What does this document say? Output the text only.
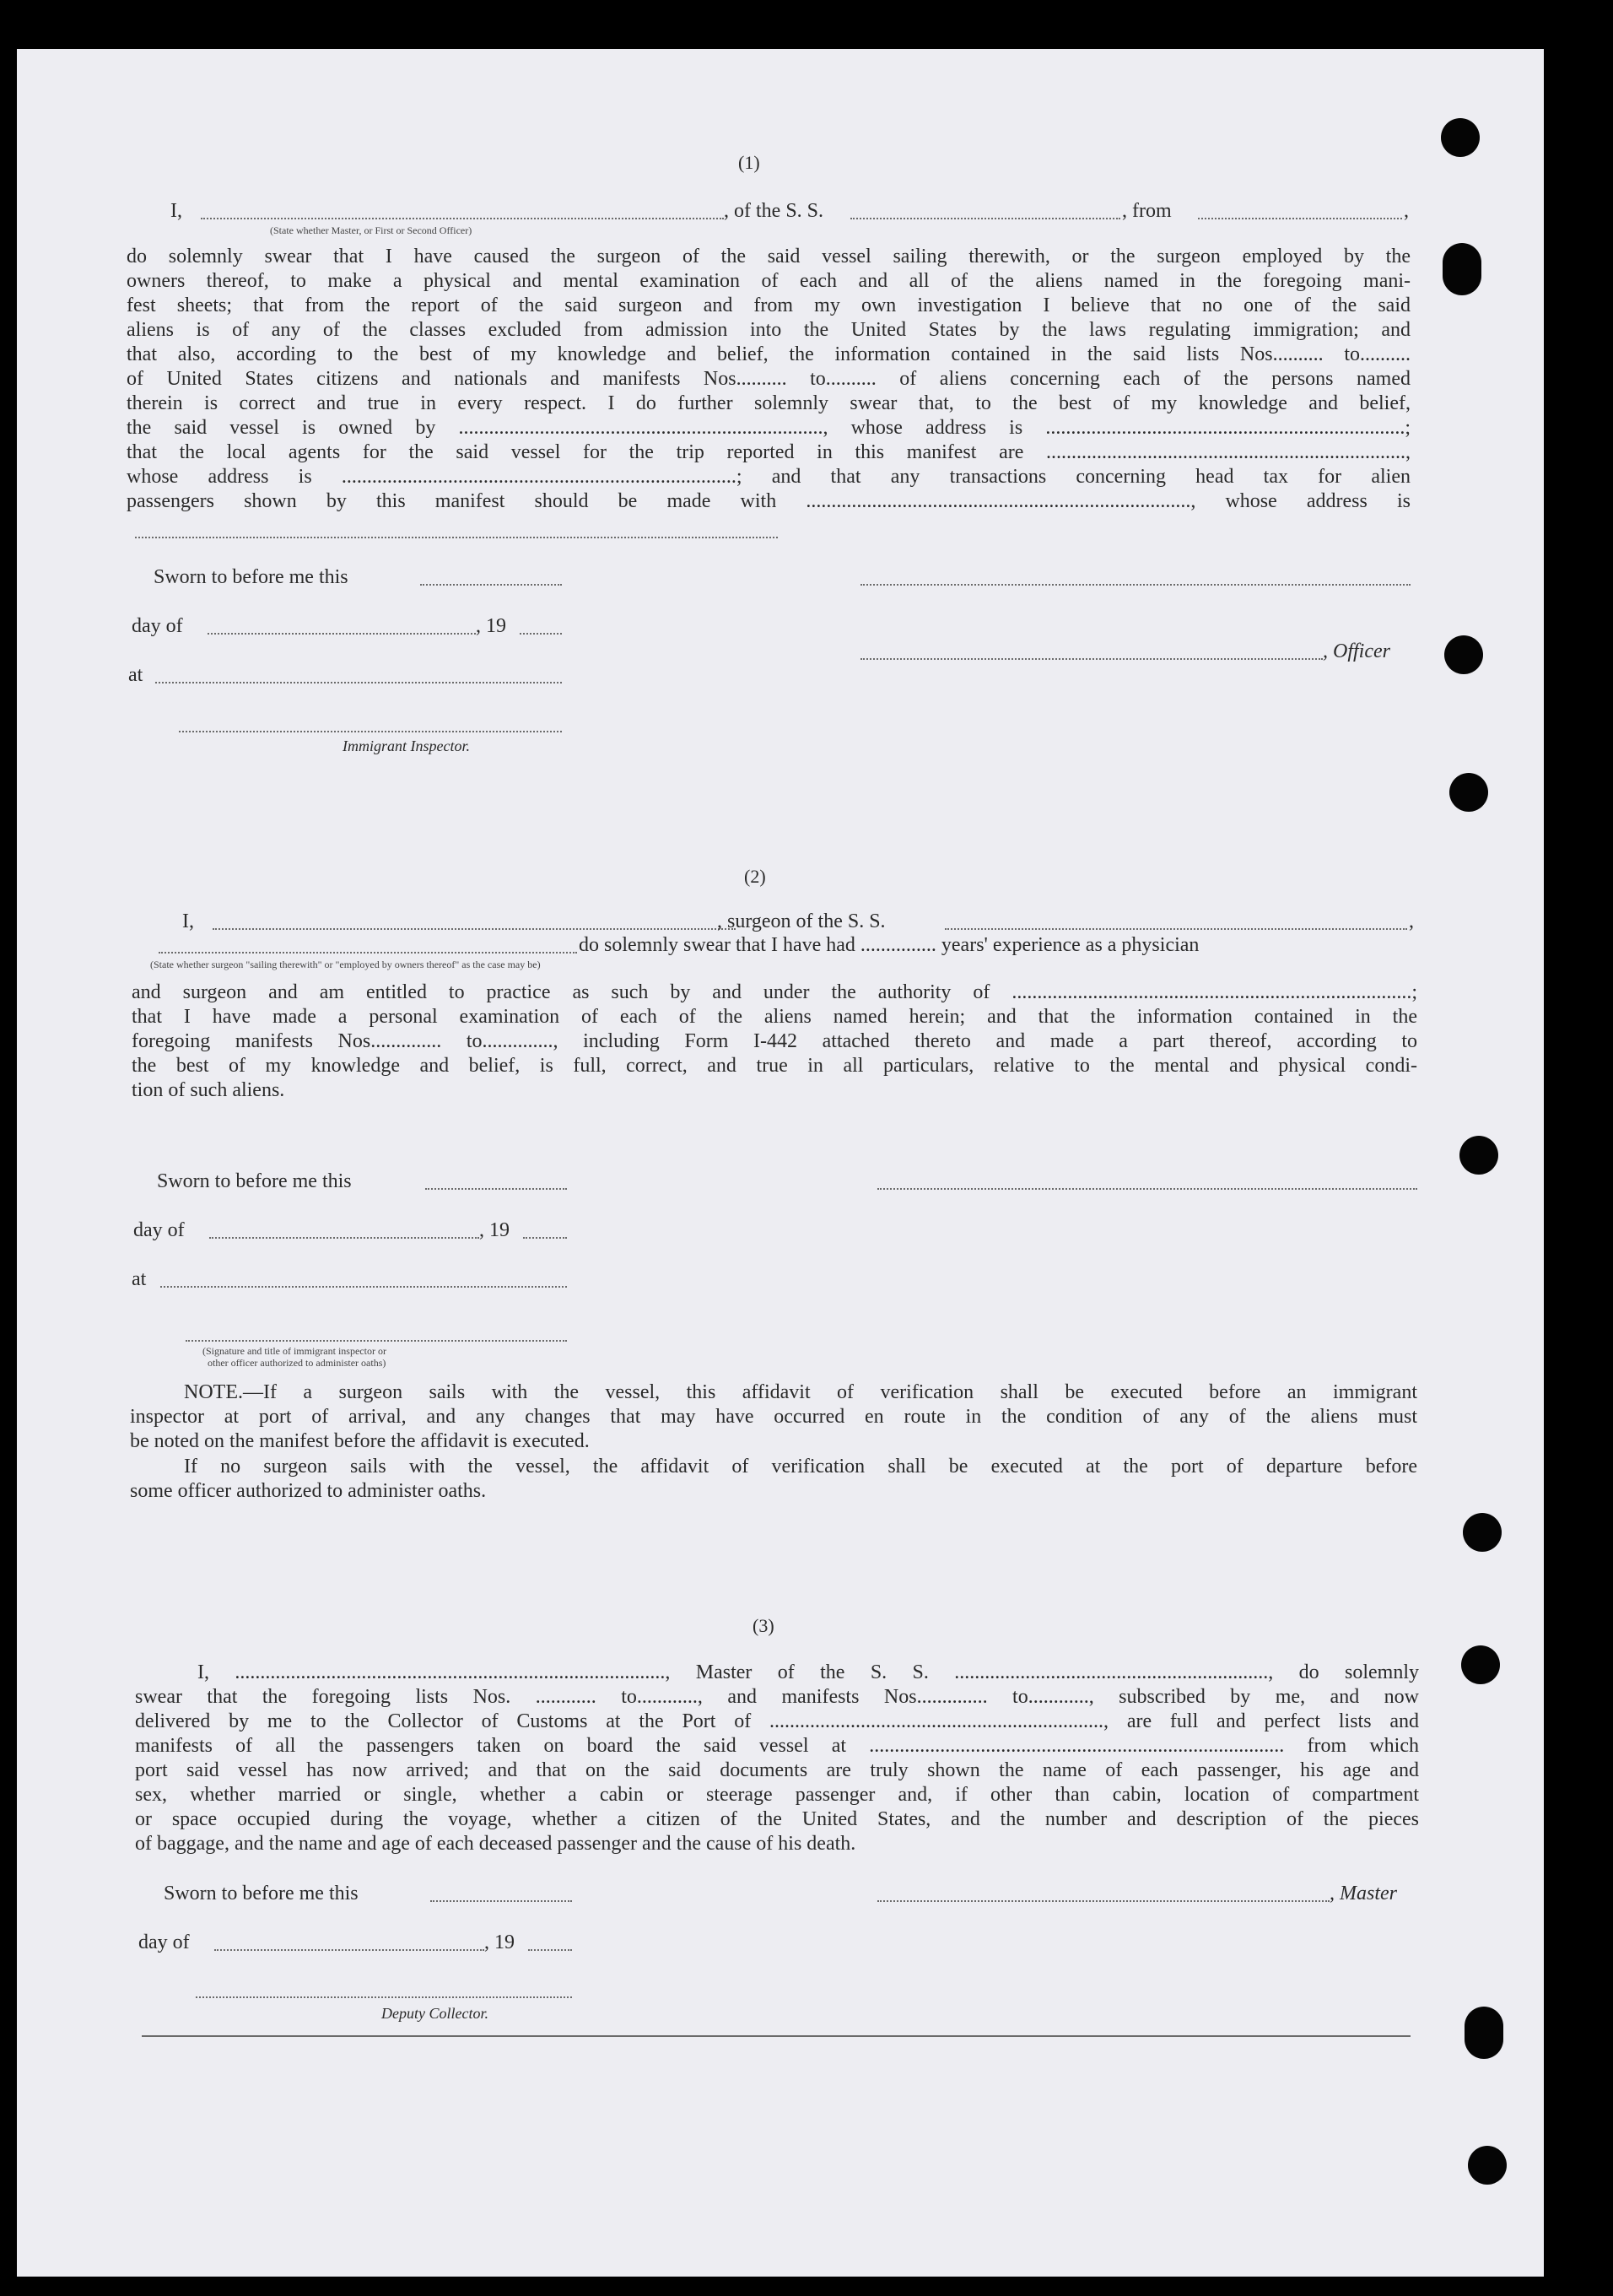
(1)
I,	, of the S. S.	, from	,
(State whether Master, or First or Second Officer)
do solemnly swear that I have caused the surgeon of the said vessel sailing therewith, or the surgeon employed by the
owners thereof, to make a physical and mental examination of each and all of the aliens named in the foregoing mani-
fest sheets; that from the report of the said surgeon and from my own investigation I believe that no one of the said
aliens is of any of the classes excluded from admission into the United States by the laws regulating immigration; and
that also, according to the best of my knowledge and belief, the information contained in the said lists Nos.......... to..........
of United States citizens and nationals and manifests Nos.......... to.......... of aliens concerning each of the persons named
therein is correct and true in every respect. I do further solemnly swear that, to the best of my knowledge and belief,
the said vessel is owned by ........................................................................, whose address is .......................................................................;
that the local agents for the said vessel for the trip reported in this manifest are .......................................................................,
whose address is ..............................................................................; and that any transactions concerning head tax for alien
passengers shown by this manifest should be made with ............................................................................, whose address is
Sworn to before me this
day of	, 19
, Officer
at
Immigrant Inspector.
(2)
I,	, surgeon of the S. S.	,
do solemnly swear that I have had ............... years' experience as a physician
(State whether surgeon "sailing therewith" or "employed by owners thereof" as the case may be)
and surgeon and am entitled to practice as such by and under the authority of ...............................................................................;
that I have made a personal examination of each of the aliens named herein; and that the information contained in the
foregoing manifests Nos.............. to.............., including Form I-442 attached thereto and made a part thereof, according to
the best of my knowledge and belief, is full, correct, and true in all particulars, relative to the mental and physical condi-
tion of such aliens.
Sworn to before me this
day of	, 19
at
(Signature and title of immigrant inspector or
other officer authorized to administer oaths)
NOTE.—If a surgeon sails with the vessel, this affidavit of verification shall be executed before an immigrant
inspector at port of arrival, and any changes that may have occurred en route in the condition of any of the aliens must
be noted on the manifest before the affidavit is executed.
If no surgeon sails with the vessel, the affidavit of verification shall be executed at the port of departure before
some officer authorized to administer oaths.
(3)
I, ....................................................................................., Master of the S. S. .............................................................., do solemnly
swear that the foregoing lists Nos. ............ to............, and manifests Nos.............. to............, subscribed by me, and now
delivered by me to the Collector of Customs at the Port of .................................................................., are full and perfect lists and
manifests of all the passengers taken on board the said vessel at .................................................................................. from which
port said vessel has now arrived; and that on the said documents are truly shown the name of each passenger, his age and
sex, whether married or single, whether a cabin or steerage passenger and, if other than cabin, location of compartment
or space occupied during the voyage, whether a citizen of the United States, and the number and description of the pieces
of baggage, and the name and age of each deceased passenger and the cause of his death.
Sworn to before me this	, Master
day of	, 19
Deputy Collector.
